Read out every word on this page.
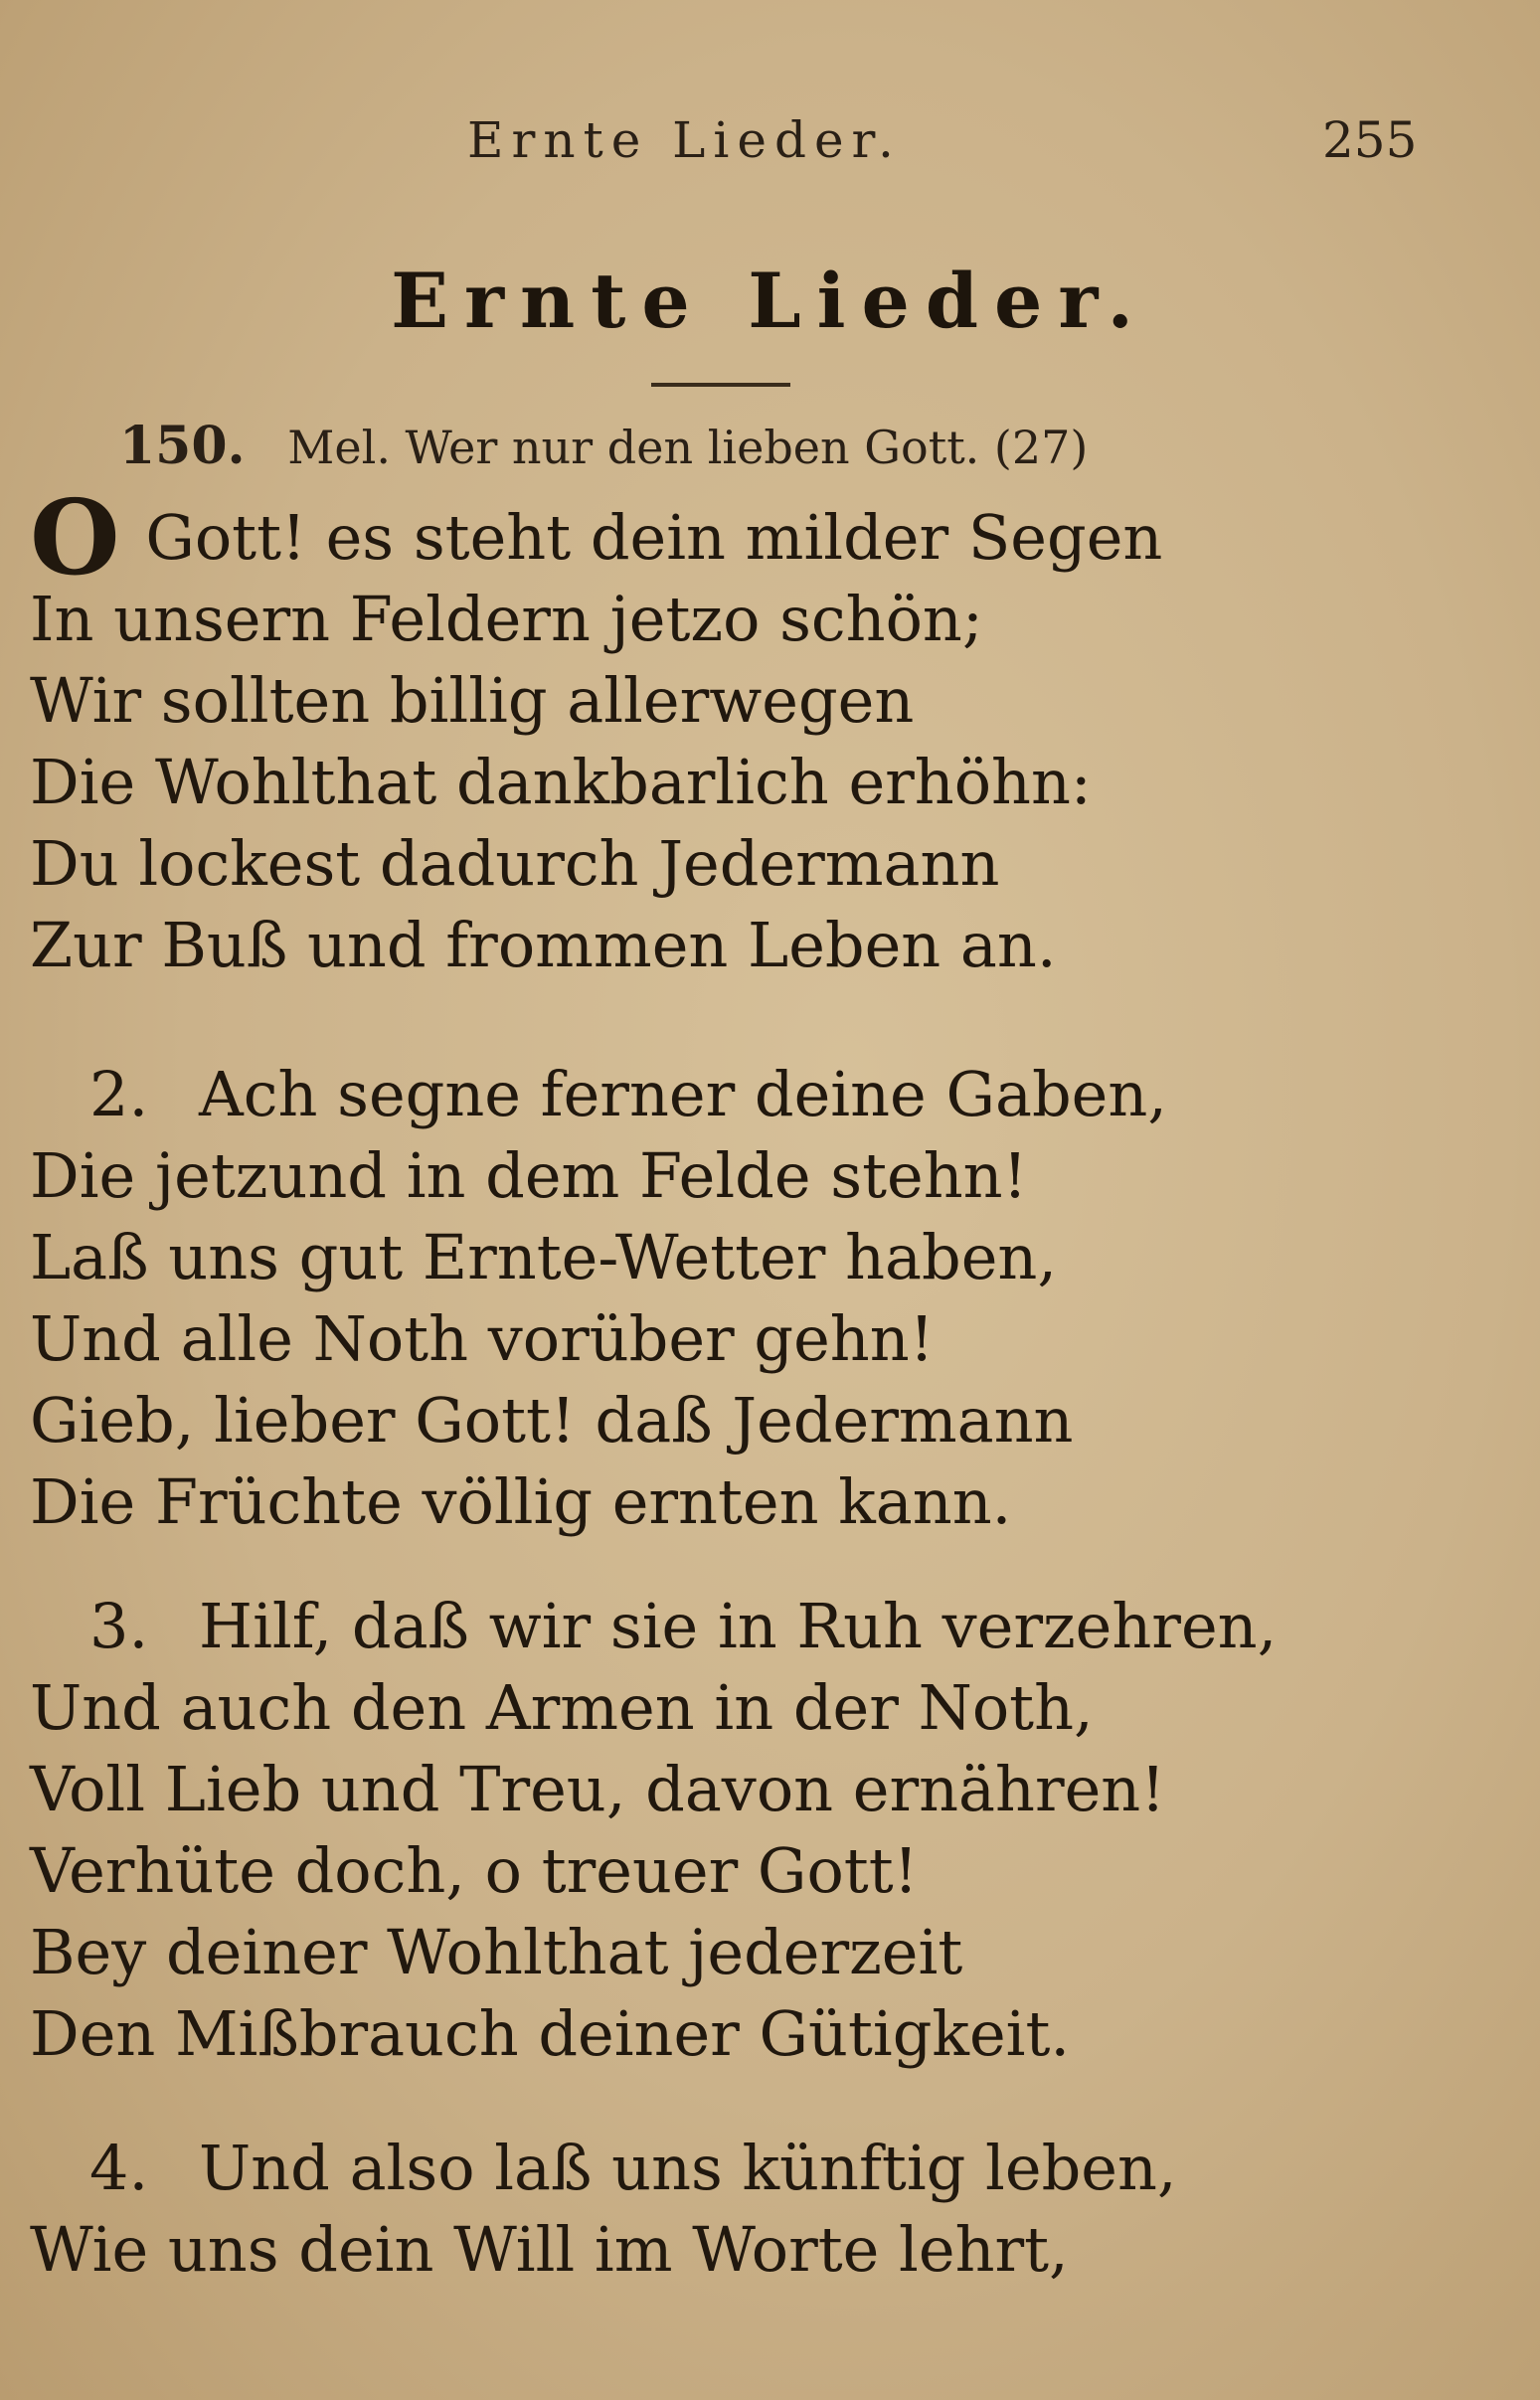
Ernte Lieder.	255
Ernte Lieder.
150. Mel. Wer nur den lieben Gott. (27)
O Gott! es steht dein milder Segen
In unsern Feldern jetzo schön;
Wir sollten billig allerwegen
Die Wohlthat dankbarlich erhöhn:
Du lockest dadurch Jedermann
Zur Buß und frommen Leben an.
2. Ach segne ferner deine Gaben,
Die jetzund in dem Felde stehn!
Laß uns gut Ernte-Wetter haben,
Und alle Noth vorüber gehn!
Gieb, lieber Gott! daß Jedermann
Die Früchte völlig ernten kann.
3. Hilf, daß wir sie in Ruh verzehren,
Und auch den Armen in der Noth,
Voll Lieb und Treu, davon ernähren!
Verhüte doch, o treuer Gott!
Bey deiner Wohlthat jederzeit
Den Mißbrauch deiner Gütigkeit.
4. Und also laß uns künftig leben,
Wie uns dein Will im Worte lehrt,
